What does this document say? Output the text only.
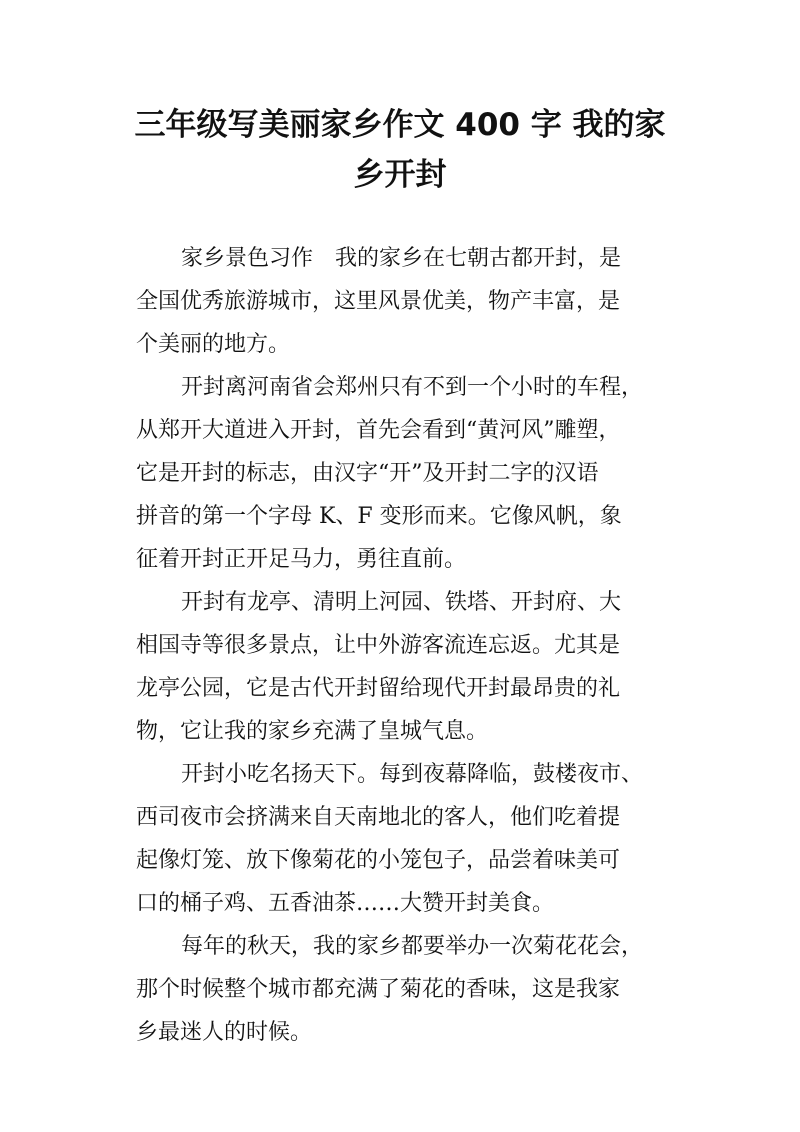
三年级写美丽家乡作文 400 字 我的家
乡开封
家乡景色习作　我的家乡在七朝古都开封，是
全国优秀旅游城市，这里风景优美，物产丰富，是
个美丽的地方。
开封离河南省会郑州只有不到一个小时的车程，
从郑开大道进入开封，首先会看到“黄河风”雕塑，
它是开封的标志，由汉字“开”及开封二字的汉语
拼音的第一个字母 K、F 变形而来。它像风帆，象
征着开封正开足马力，勇往直前。
开封有龙亭、清明上河园、铁塔、开封府、大
相国寺等很多景点，让中外游客流连忘返。尤其是
龙亭公园，它是古代开封留给现代开封最昂贵的礼
物，它让我的家乡充满了皇城气息。
开封小吃名扬天下。每到夜幕降临，鼓楼夜市、
西司夜市会挤满来自天南地北的客人，他们吃着提
起像灯笼、放下像菊花的小笼包子，品尝着味美可
口的桶子鸡、五香油茶……大赞开封美食。
每年的秋天，我的家乡都要举办一次菊花花会，
那个时候整个城市都充满了菊花的香味，这是我家
乡最迷人的时候。
